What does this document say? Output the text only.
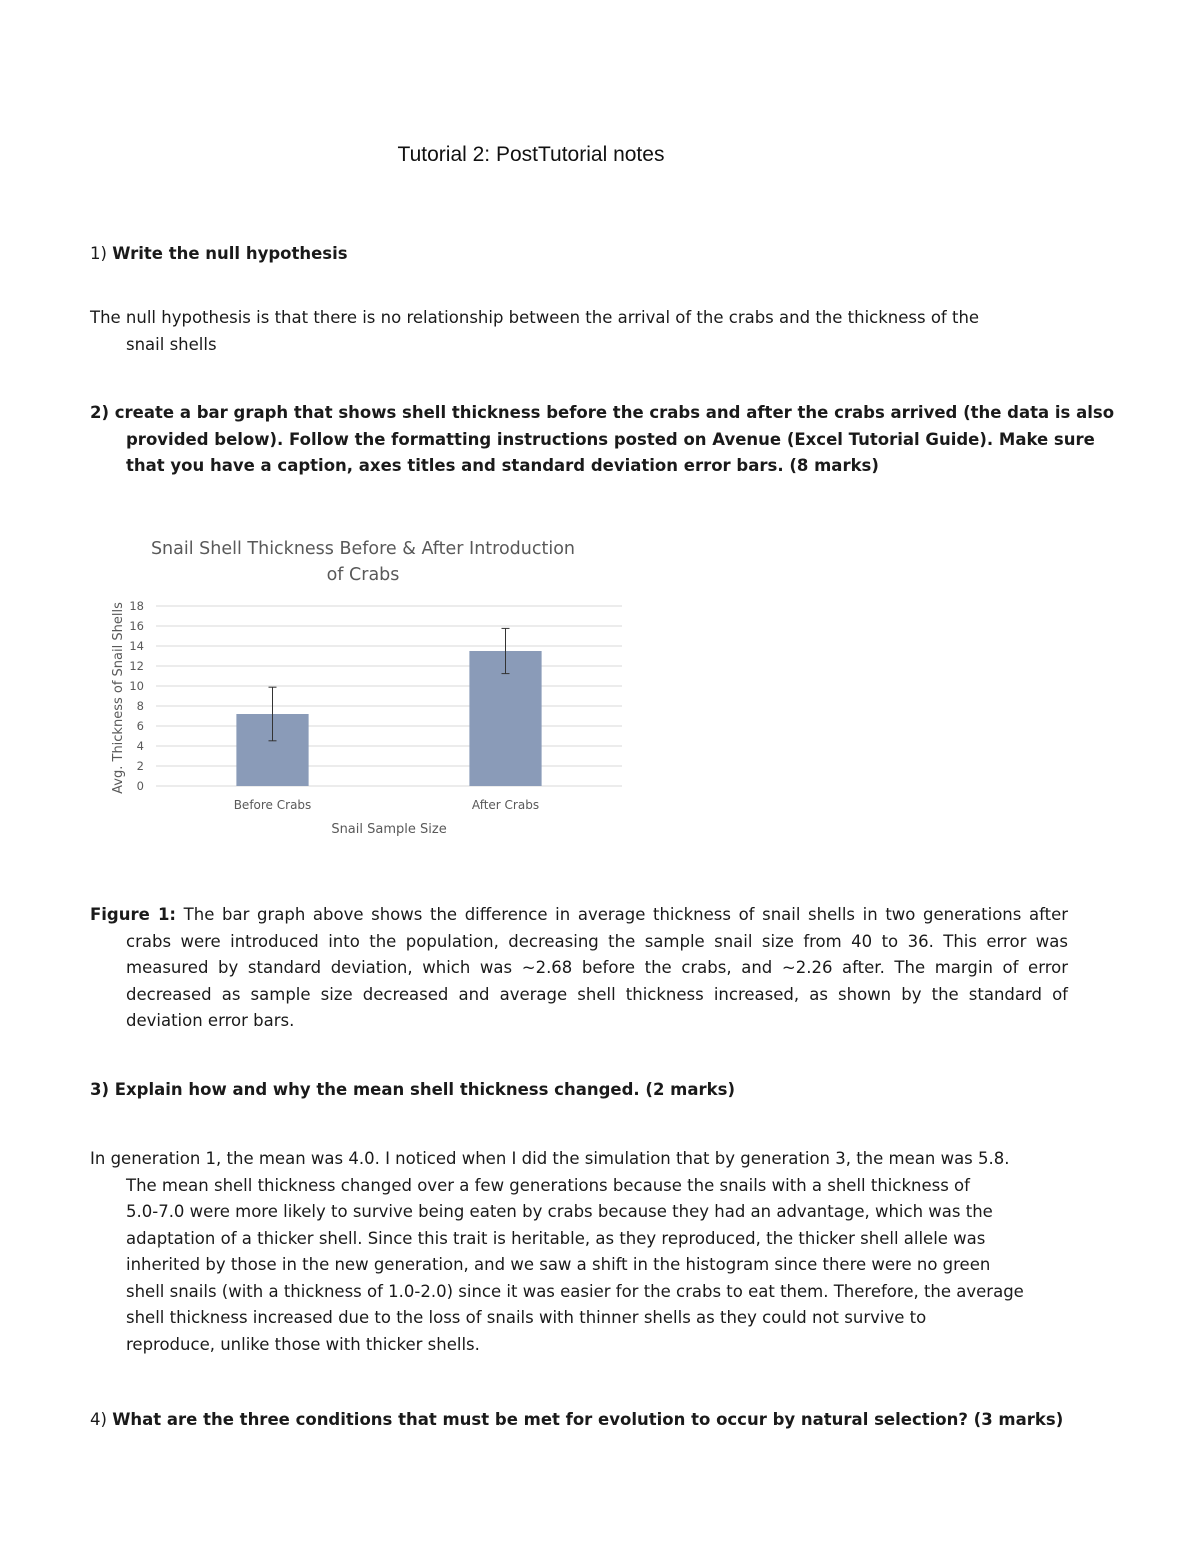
Tutorial 2: PostTutorial notes
1) Write the null hypothesis
The null hypothesis is that there is no relationship between the arrival of the crabs and the thickness of the
snail shells
2) create a bar graph that shows shell thickness before the crabs and after the crabs arrived (the data is also
provided below). Follow the formatting instructions posted on Avenue (Excel Tutorial Guide). Make sure
that you have a caption, axes titles and standard deviation error bars. (8 marks)
Snail Shell Thickness Before & After Introduction
of Crabs
0
2
4
6
8
10
12
14
16
18
Before Crabs	After Crabs
Snail Sample Size
Avg. Thickness of Snail Shells
Figure 1: The bar graph above shows the difference in average thickness of snail shells in two generations after
crabs were introduced into the population, decreasing the sample snail size from 40 to 36. This error was
measured by standard deviation, which was ~2.68 before the crabs, and ~2.26 after. The margin of error
decreased as sample size decreased and average shell thickness increased, as shown by the standard of
deviation error bars.
3) Explain how and why the mean shell thickness changed. (2 marks)
In generation 1, the mean was 4.0. I noticed when I did the simulation that by generation 3, the mean was 5.8.
The mean shell thickness changed over a few generations because the snails with a shell thickness of
5.0-7.0 were more likely to survive being eaten by crabs because they had an advantage, which was the
adaptation of a thicker shell. Since this trait is heritable, as they reproduced, the thicker shell allele was
inherited by those in the new generation, and we saw a shift in the histogram since there were no green
shell snails (with a thickness of 1.0-2.0) since it was easier for the crabs to eat them. Therefore, the average
shell thickness increased due to the loss of snails with thinner shells as they could not survive to
reproduce, unlike those with thicker shells.
4) What are the three conditions that must be met for evolution to occur by natural selection? (3 marks)
